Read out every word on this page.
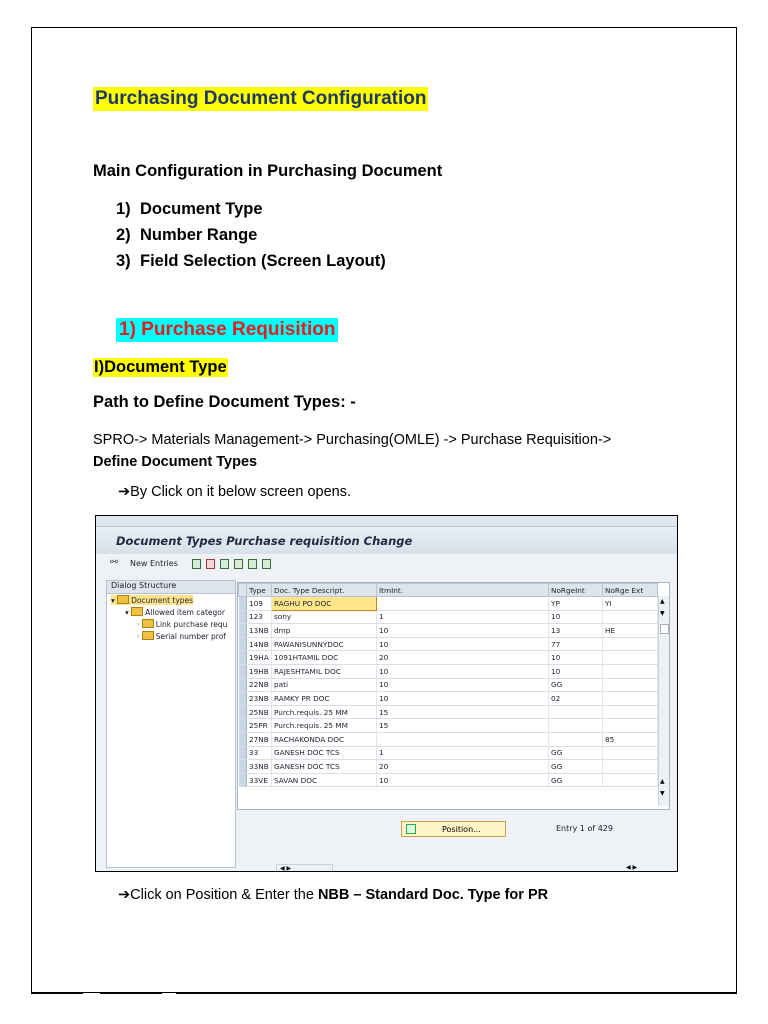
Purchasing Document Configuration
Main Configuration in Purchasing Document
1) Document Type
2) Number Range
3) Field Selection (Screen Layout)
1) Purchase Requisition
I)Document Type
Path to Define Document Types: -
SPRO-> Materials Management-> Purchasing(OMLE) -> Purchase Requisition->
Define Document Types
➔By Click on it below screen opens.
Document Types Purchase requisition Change
⚯ New Entries
Dialog Structure
▾ Document types
▾ Allowed item categor
· Link purchase requ
· Serial number prof
	Type	Doc. Type Descript.	ItmInt.	NoRgeInt	NoRge Ext
	109	RAGHU PO DOC		YP	YI
	123	sony	1	10	
	13NB	dmp	10	13	HE
	14NB	PAWANISUNNYDOC	10	77	
	19HA	1091HTAMIL DOC	20	10	
	19HB	RAJESHTAMIL DOC	10	10	
	22NB	pati	10	GG	
	23NB	RAMKY PR DOC	10	02	
	25NB	Purch.requis. 25 MM	15		
	25PR	Purch.requis. 25 MM	15		
	27NB	RACHAKONDA DOC			85
	33	GANESH DOC TCS	1	GG	
	33NB	GANESH DOC TCS	20	GG	
	33VE	SAVAN DOC	10	GG	
▲
▼
▲
▼
◀ ▶	◀ ▶
Position...	Entry 1 of 429
➔Click on Position & Enter the NBB – Standard Doc. Type for PR
